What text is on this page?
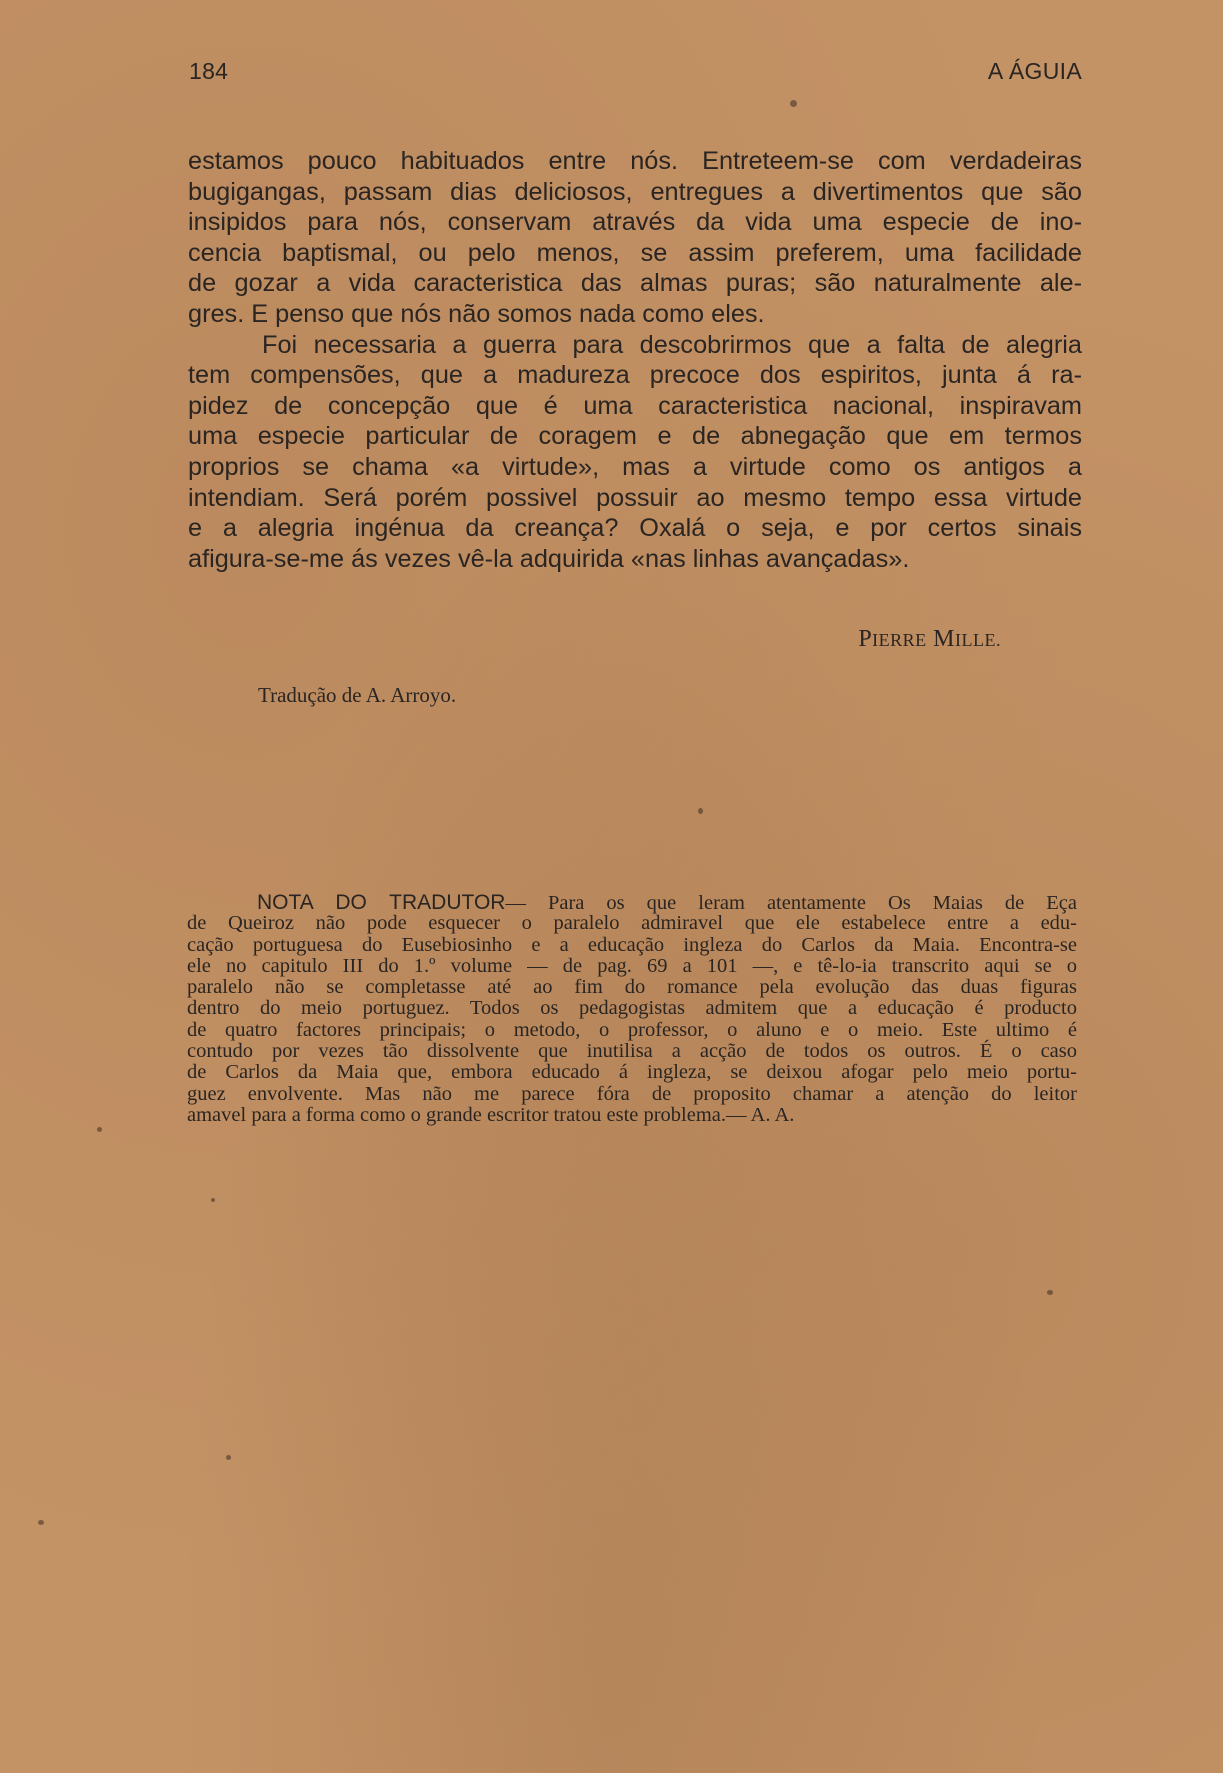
184	A ÁGUIA
estamos pouco habituados entre nós. Entreteem-se com verdadeiras
bugigangas, passam dias deliciosos, entregues a divertimentos que são
insipidos para nós, conservam através da vida uma especie de ino-
cencia baptismal, ou pelo menos, se assim preferem, uma facilidade
de gozar a vida caracteristica das almas puras; são naturalmente ale-
gres. E penso que nós não somos nada como eles.
Foi necessaria a guerra para descobrirmos que a falta de alegria
tem compensões, que a madureza precoce dos espiritos, junta á ra-
pidez de concepção que é uma caracteristica nacional, inspiravam
uma especie particular de coragem e de abnegação que em termos
proprios se chama «a virtude», mas a virtude como os antigos a
intendiam. Será porém possivel possuir ao mesmo tempo essa virtude
e a alegria ingénua da creança? Oxalá o seja, e por certos sinais
afigura-se-me ás vezes vê-la adquirida «nas linhas avançadas».
PIERRE MILLE.
Tradução de A. Arroyo.
NOTA DO TRADUTOR— Para os que leram atentamente Os Maias de Eça
de Queiroz não pode esquecer o paralelo admiravel que ele estabelece entre a edu-
cação portuguesa do Eusebiosinho e a educação ingleza do Carlos da Maia. Encontra-se
ele no capitulo III do 1.º volume — de pag. 69 a 101 —, e tê-lo-ia transcrito aqui se o
paralelo não se completasse até ao fim do romance pela evolução das duas figuras
dentro do meio portuguez. Todos os pedagogistas admitem que a educação é producto
de quatro factores principais; o metodo, o professor, o aluno e o meio. Este ultimo é
contudo por vezes tão dissolvente que inutilisa a acção de todos os outros. É o caso
de Carlos da Maia que, embora educado á ingleza, se deixou afogar pelo meio portu-
guez envolvente. Mas não me parece fóra de proposito chamar a atenção do leitor
amavel para a forma como o grande escritor tratou este problema.— A. A.
